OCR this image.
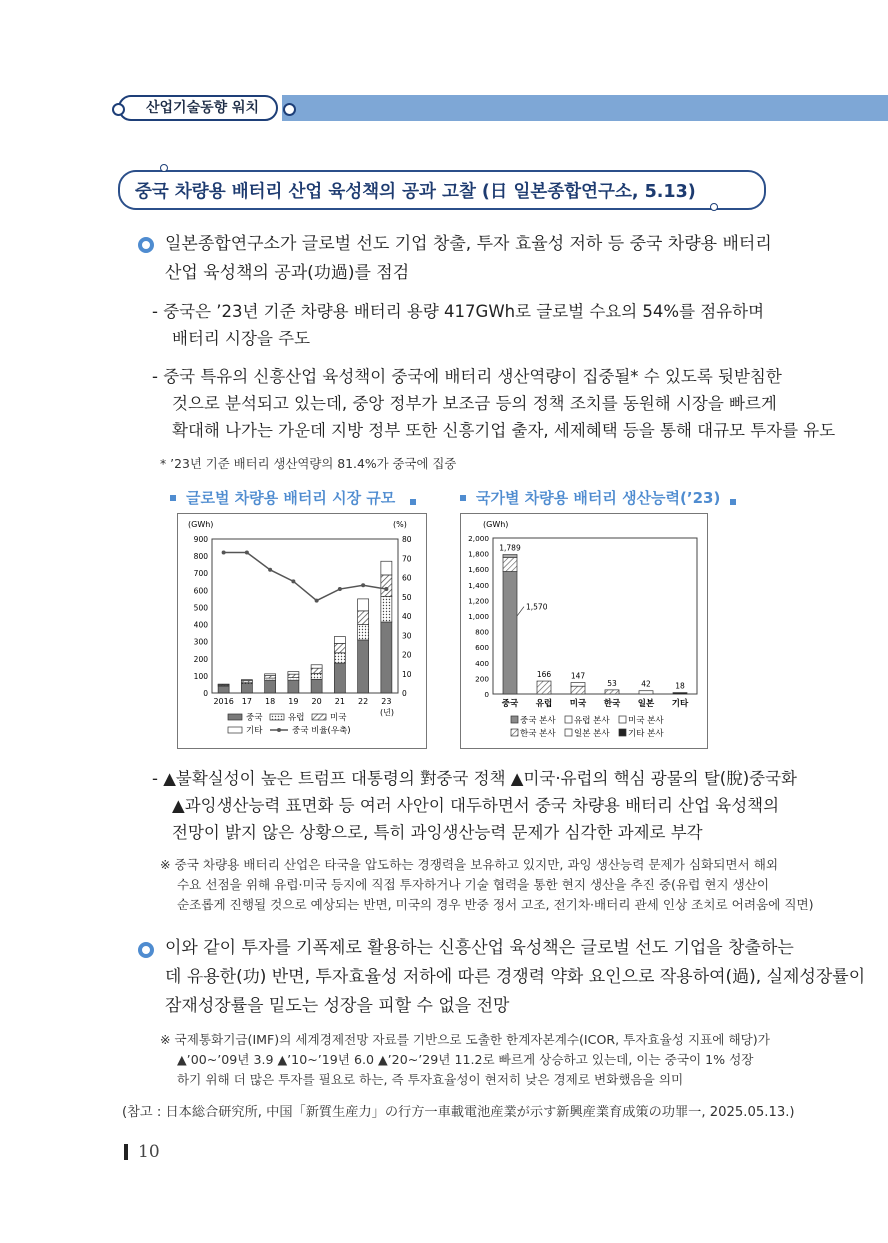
산업기술동향 워치
중국 차량용 배터리 산업 육성책의 공과 고찰 (日 일본종합연구소, 5.13)
일본종합연구소가 글로벌 선도 기업 창출, 투자 효율성 저하 등 중국 차량용 배터리
산업 육성책의 공과(功過)를 점검
- 중국은 ’23년 기준 차량용 배터리 용량 417GWh로 글로벌 수요의 54%를 점유하며
배터리 시장을 주도
- 중국 특유의 신흥산업 육성책이 중국에 배터리 생산역량이 집중될* 수 있도록 뒷받침한
것으로 분석되고 있는데, 중앙 정부가 보조금 등의 정책 조치를 동원해 시장을 빠르게
확대해 나가는 가운데 지방 정부 또한 신흥기업 출자, 세제혜택 등을 통해 대규모 투자를 유도
* ’23년 기준 배터리 생산역량의 81.4%가 중국에 집중
글로벌 차량용 배터리 시장 규모	국가별 차량용 배터리 생산능력(’23)
(GWh)	(%)
0
100
200
300
400
500
600
700
800
900
0
10
20
30
40
50
60
70
80
2016 17 18 19 20 21 22 23
(년)
중국	유럽	미국
기타	중국 비율(우축)
(GWh)
0
200
400
600
800
1,000
1,200
1,400
1,600
1,800
2,000
1,789
중국
166
유럽
147
미국
53
한국
42
일본
18
기타
1,570
중국 본사 유럽 본사 미국 본사
한국 본사 일본 본사 기타 본사
- ▲불확실성이 높은 트럼프 대통령의 對중국 정책 ▲미국·유럽의 핵심 광물의 탈(脫)중국화
▲과잉생산능력 표면화 등 여러 사안이 대두하면서 중국 차량용 배터리 산업 육성책의
전망이 밝지 않은 상황으로, 특히 과잉생산능력 문제가 심각한 과제로 부각
※ 중국 차량용 배터리 산업은 타국을 압도하는 경쟁력을 보유하고 있지만, 과잉 생산능력 문제가 심화되면서 해외
수요 선점을 위해 유럽·미국 등지에 직접 투자하거나 기술 협력을 통한 현지 생산을 추진 중(유럽 현지 생산이
순조롭게 진행될 것으로 예상되는 반면, 미국의 경우 반중 정서 고조, 전기차·배터리 관세 인상 조치로 어려움에 직면)
이와 같이 투자를 기폭제로 활용하는 신흥산업 육성책은 글로벌 선도 기업을 창출하는
데 유용한(功) 반면, 투자효율성 저하에 따른 경쟁력 약화 요인으로 작용하여(過), 실제성장률이
잠재성장률을 밑도는 성장을 피할 수 없을 전망
※ 국제통화기금(IMF)의 세계경제전망 자료를 기반으로 도출한 한계자본계수(ICOR, 투자효율성 지표에 해당)가
▲’00~’09년 3.9 ▲’10~’19년 6.0 ▲’20~’29년 11.2로 빠르게 상승하고 있는데, 이는 중국이 1% 성장
하기 위해 더 많은 투자를 필요로 하는, 즉 투자효율성이 현저히 낮은 경제로 변화했음을 의미
(참고 : 日本総合研究所, 中国「新質生産力」の行方一車載電池産業が示す新興産業育成策の功罪一, 2025.05.13.)
10
